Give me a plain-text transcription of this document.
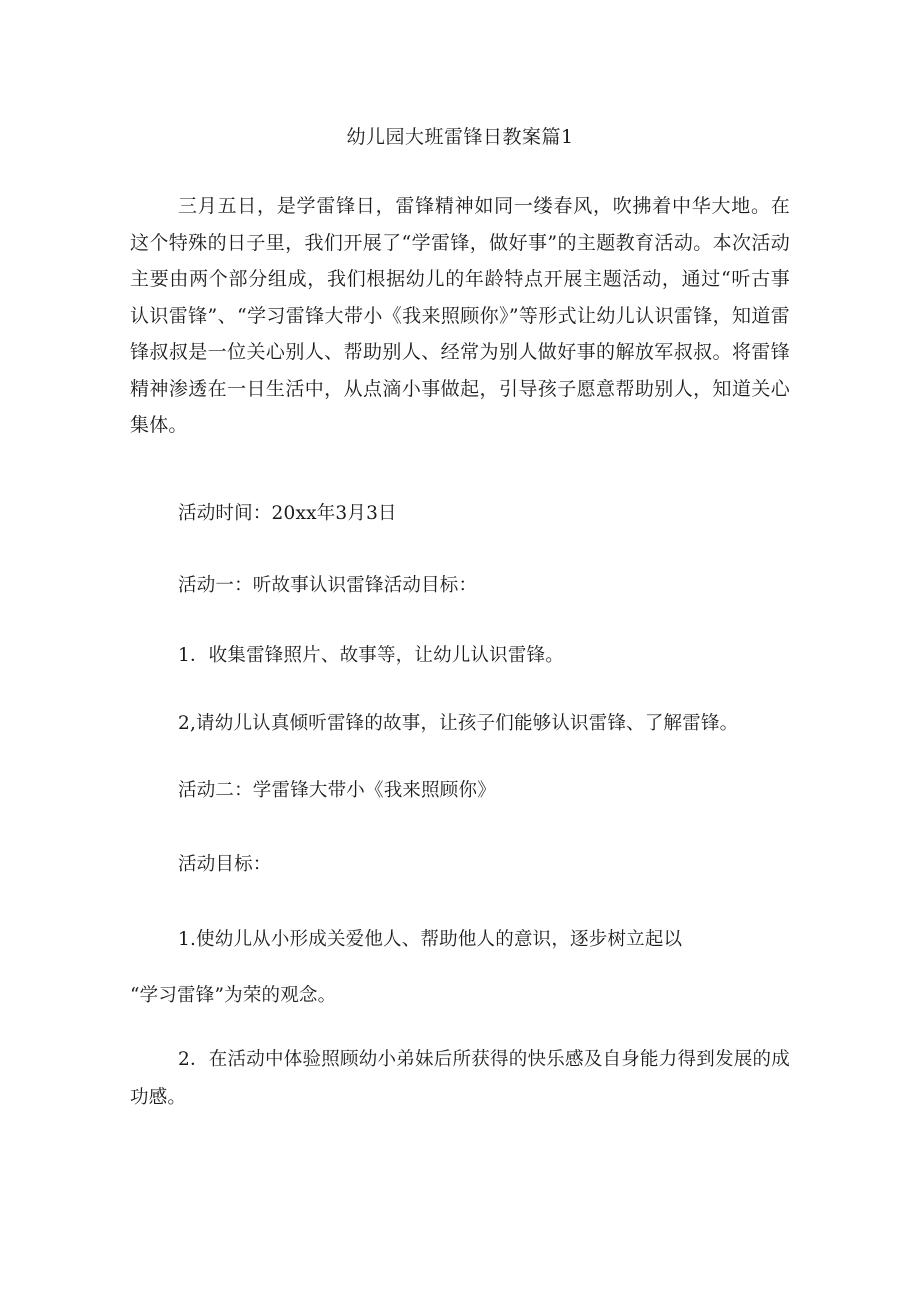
幼儿园大班雷锋日教案篇1

三月五日，是学雷锋日，雷锋精神如同一缕春风，吹拂着中华大地。在这个特殊的日子里，我们开展了“学雷锋，做好事”的主题教育活动。本次活动主要由两个部分组成，我们根据幼儿的年龄特点开展主题活动，通过“听古事认识雷锋”、“学习雷锋大带小《我来照顾你》”等形式让幼儿认识雷锋，知道雷锋叔叔是一位关心别人、帮助别人、经常为别人做好事的解放军叔叔。将雷锋精神渗透在一日生活中，从点滴小事做起，引导孩子愿意帮助别人，知道关心集体。

活动时间：20xx年3月3日
活动一：听故事认识雷锋活动目标：
1．收集雷锋照片、故事等，让幼儿认识雷锋。
2,请幼儿认真倾听雷锋的故事，让孩子们能够认识雷锋、了解雷锋。
活动二：学雷锋大带小《我来照顾你》
活动目标：
1.使幼儿从小形成关爱他人、帮助他人的意识，逐步树立起以
“学习雷锋”为荣的观念。

2．在活动中体验照顾幼小弟妹后所获得的快乐感及自身能力得到发展的成功感。
